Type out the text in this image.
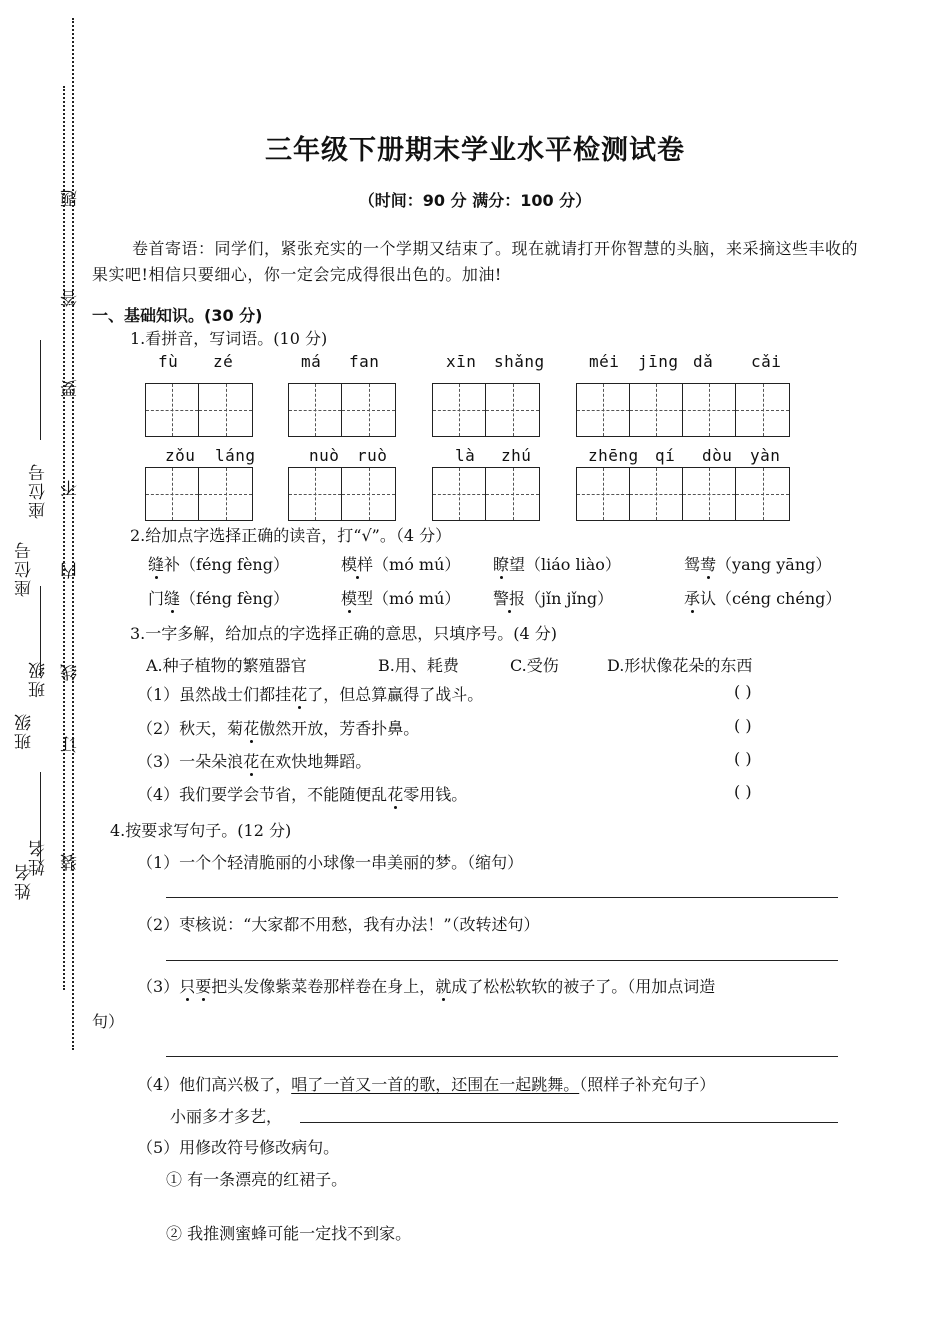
姓名
班级
座位号
姓名
班级
座位号
装
订
线
内
不
要
答
题
三年级下册期末学业水平检测试卷
（时间：90 分 满分：100 分）
卷首寄语：同学们，紧张充实的一个学期又结束了。现在就请打开你智慧的头脑，来采摘这些丰收的果实吧!相信只要细心，你一定会完成得很出色的。加油!
一、基础知识。(30 分)
1.看拼音，写词语。(10 分)
fù zé	má fan	xīn shǎng	méi jīng dǎ cǎi
zǒu láng	nuò ruò	là zhú	zhēng qí dòu yàn
2.给加点字选择正确的读音，打“√”。（4 分）
缝补（féng fèng）	模样（mó mú） 瞭望（liáo liào）	鸳鸯（yang yāng）
门缝（féng fèng）	模型（mó mú） 警报（jǐn jǐng）	承认（céng chéng）
3.一字多解，给加点的字选择正确的意思，只填序号。(4 分)
A.种子植物的繁殖器官	B.用、耗费	C.受伤	D.形状像花朵的东西
（1）虽然战士们都挂花了，但总算赢得了战斗。	( )
（2）秋天，菊花傲然开放，芳香扑鼻。	( )
（3）一朵朵浪花在欢快地舞蹈。	( )
（4）我们要学会节省，不能随便乱花零用钱。	( )
4.按要求写句子。(12 分)
（1）一个个轻清脆丽的小球像一串美丽的梦。（缩句）
（2）枣核说：“大家都不用愁，我有办法！”（改转述句）
（3）只要把头发像紫菜卷那样卷在身上，就成了松松软软的被子了。（用加点词造
句）
（4）他们高兴极了，唱了一首又一首的歌，还围在一起跳舞。（照样子补充句子）
小丽多才多艺，
（5）用修改符号修改病句。
① 有一条漂亮的红裙子。
② 我推测蜜蜂可能一定找不到家。
